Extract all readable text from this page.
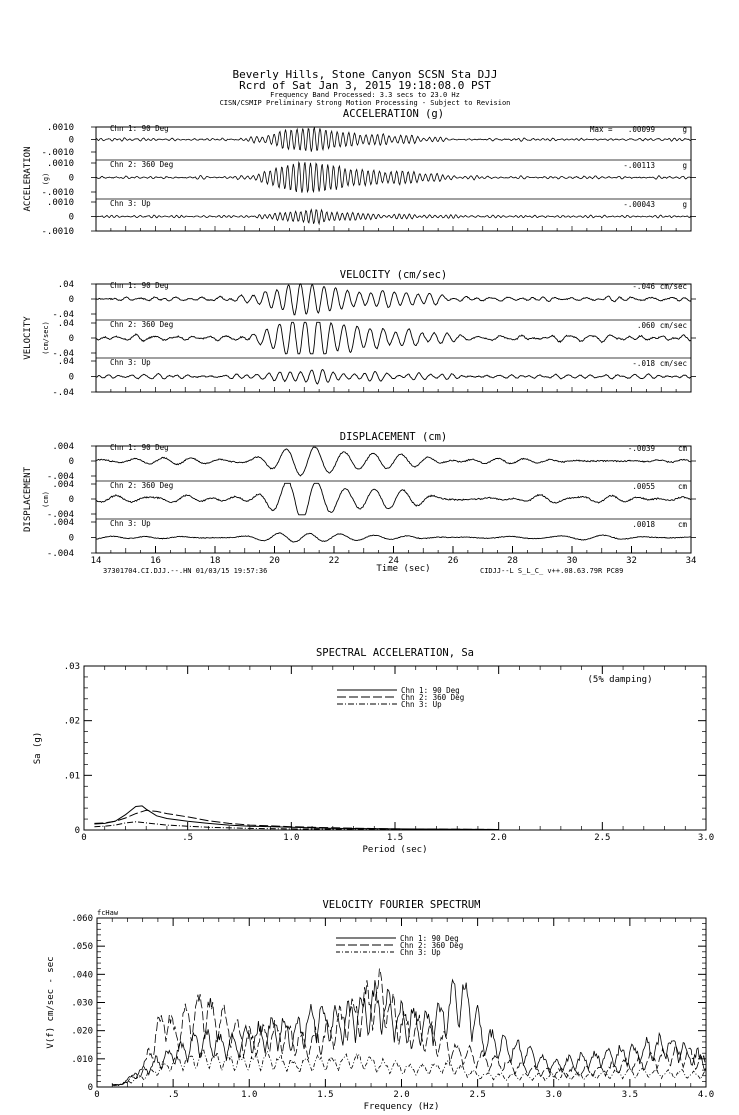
Beverly Hills, Stone Canyon SCSN Sta DJJ
Rcrd of Sat Jan 3, 2015 19:18:08.0 PST
Frequency Band Processed: 3.3 secs to 23.0 Hz
CISN/CSMIP Preliminary Strong Motion Processing - Subject to Revision
ACCELERATION (g)
ACCELERATION (g)
.0010
0
-.0010
Chn 1: 90 Deg	Max = .00099	g
.0010
0
-.0010
Chn 2: 360 Deg	-.00113	g
.0010
0
-.0010
Chn 3: Up	-.00043	g
VELOCITY (cm/sec)
VELOCITY (cm/sec)
.04
0
-.04
Chn 1: 90 Deg	-.046 cm/sec
.04
0
-.04
Chn 2: 360 Deg	.060 cm/sec
.04
0
-.04
Chn 3: Up	-.018 cm/sec
DISPLACEMENT (cm)
DISPLACEMENT (cm)
.004
0
-.004
Chn 1: 90 Deg	-.0039	cm
.004
0
-.004
Chn 2: 360 Deg	.0055	cm
.004
0
-.004
Chn 3: Up	.0018	cm
14	16	18	20	22	24	26	28	30	32	34
Time (sec)
37301704.CI.DJJ.--.HN 01/03/15 19:57:36	CIDJJ--L S_L_C_ v++.08.63.79R PC89
SPECTRAL ACCELERATION, Sa
0	.5	1.0	1.5	2.0	2.5	3.0
0
.01
.02
.03
Period (sec)
Sa (g)
Chn 1: 90 Deg
Chn 2: 360 Deg
Chn 3: Up
(5% damping)
VELOCITY FOURIER SPECTRUM
0	.5	1.0	1.5	2.0	2.5	3.0	3.5	4.0
0
.010
.020
.030
.040
.050
.060
Frequency (Hz)
V(f) cm/sec - sec
Chn 1: 90 Deg
Chn 2: 360 Deg
Chn 3: Up
fcHaw
